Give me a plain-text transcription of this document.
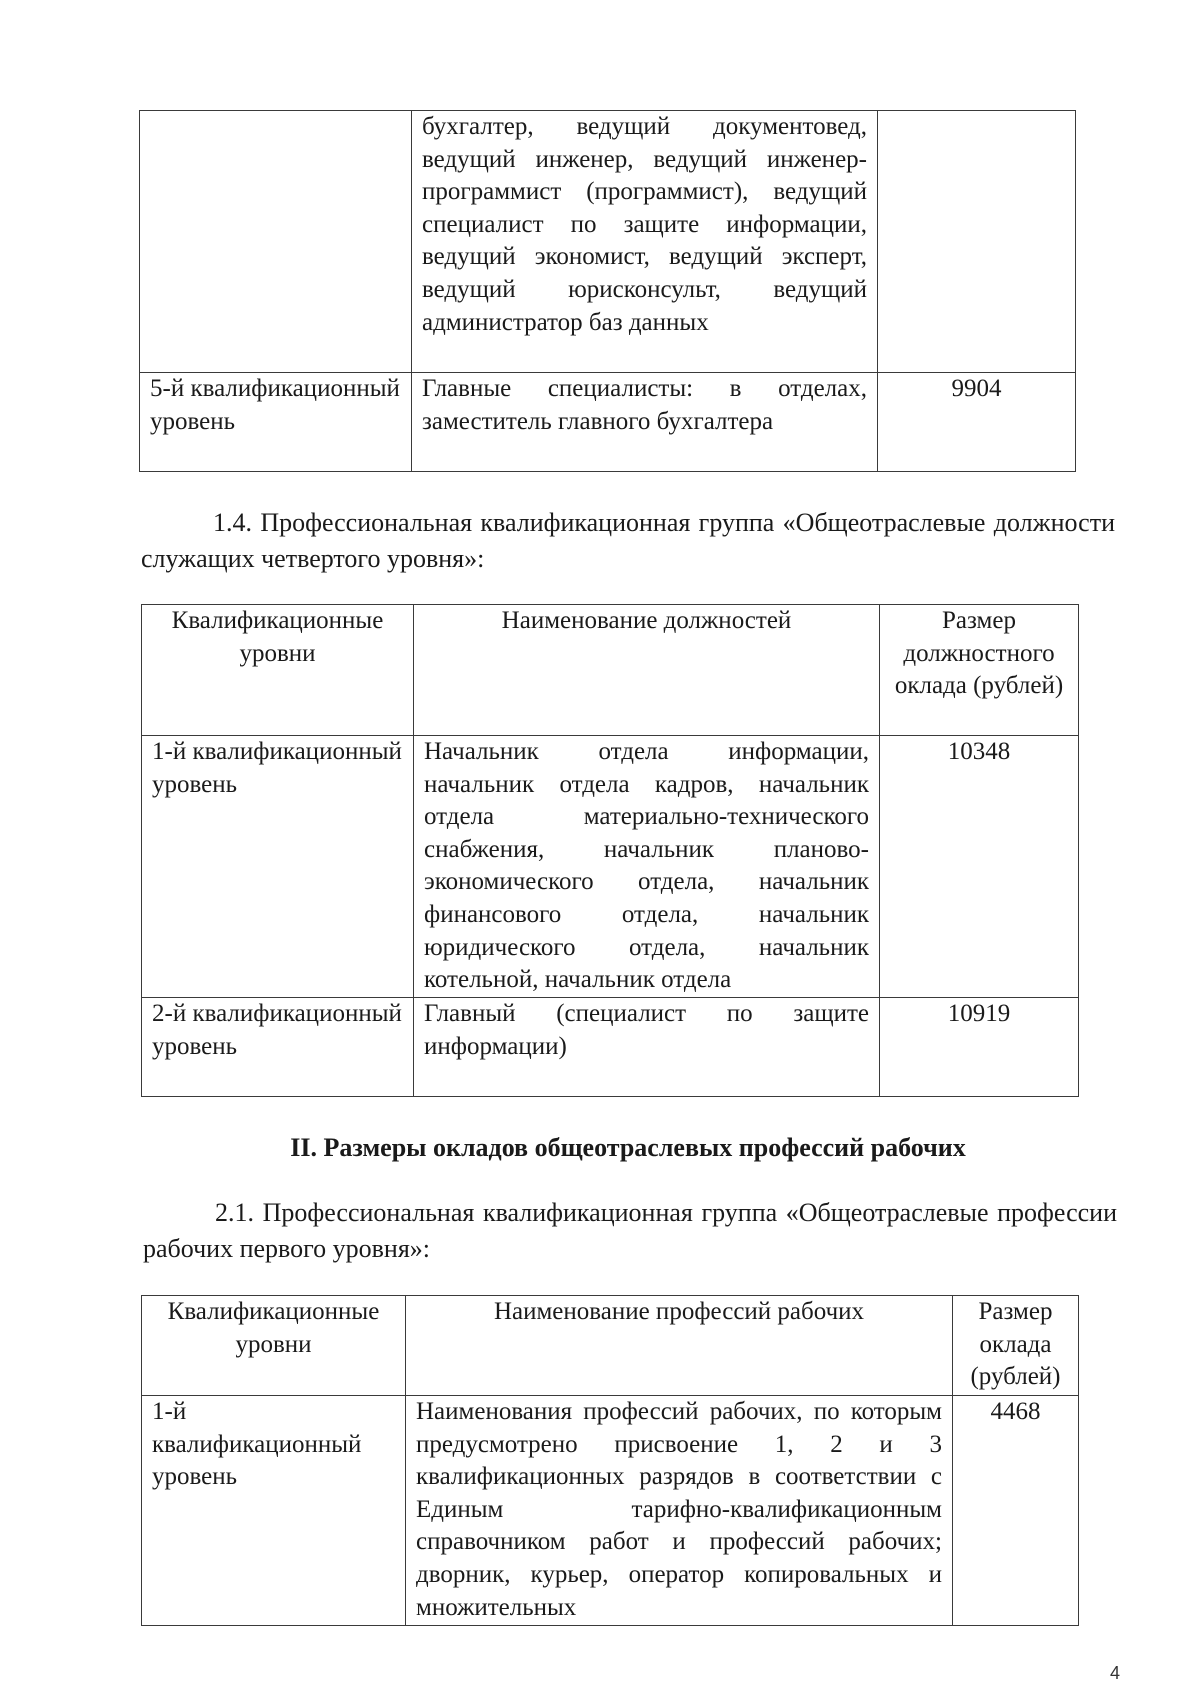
	бухгалтер, ведущий документовед, ведущий инженер, ведущий инженер-программист (программист), ведущий специалист по защите информации, ведущий экономист, ведущий эксперт, ведущий юрисконсульт, ведущий администратор баз данных	
5-й квалификационный уровень	Главные специалисты: в отделах, заместитель главного бухгалтера	9904

1.4. Профессиональная квалификационная группа «Общеотраслевые должности служащих четвертого уровня»:

Квалификационные уровни	Наименование должностей	Размер должностного оклада (рублей)
1-й квалификационный уровень	Начальник отдела информации, начальник отдела кадров, начальник отдела материально-технического снабжения, начальник планово-экономического отдела, начальник финансового отдела, начальник юридического отдела, начальник котельной, начальник отдела	10348
2-й квалификационный уровень	Главный (специалист по защите информации)	10919

II. Размеры окладов общеотраслевых профессий рабочих

2.1. Профессиональная квалификационная группа «Общеотраслевые профессии рабочих первого уровня»:

Квалификационные уровни	Наименование профессий рабочих	Размер оклада (рублей)
1-й квалификационный уровень	Наименования профессий рабочих, по которым предусмотрено присвоение 1, 2 и 3 квалификационных разрядов в соответствии с Единым тарифно-квалификационным справочником работ и профессий рабочих; дворник, курьер, оператор копировальных и множительных	4468
4
